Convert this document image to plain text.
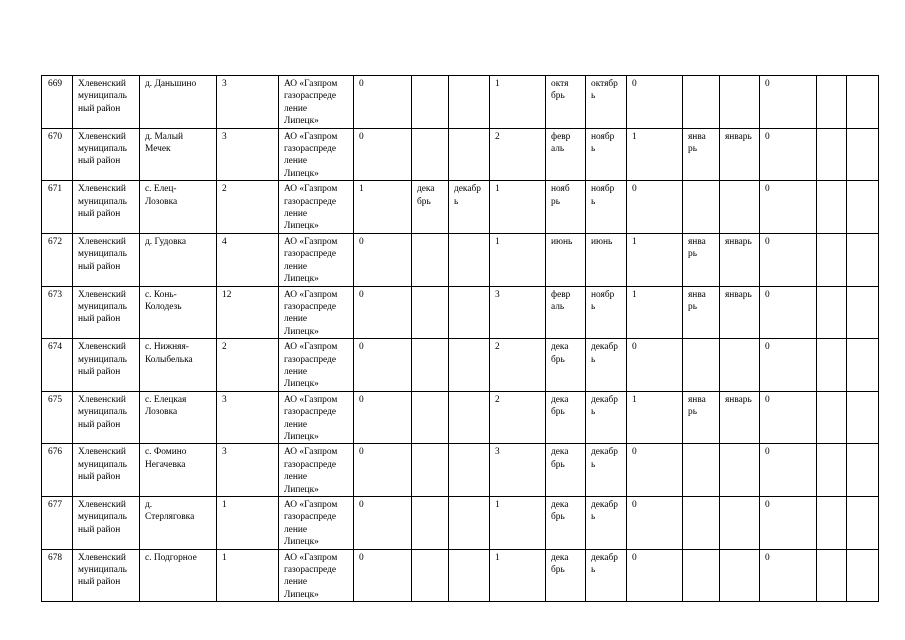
669	Хлевенский
муниципаль
ный район	д. Даньшино	3	АО «Газпром
газораспреде
ление
Липецк»	0			1	октя
брь	октябр
ь	0			0		
670	Хлевенский
муниципаль
ный район	д. Малый
Мечек	3	АО «Газпром
газораспреде
ление
Липецк»	0			2	февр
аль	ноябр
ь	1	янва
рь	январь	0		
671	Хлевенский
муниципаль
ный район	с. Елец-
Лозовка	2	АО «Газпром
газораспреде
ление
Липецк»	1	дека
брь	декабр
ь	1	нояб
рь	ноябр
ь	0			0		
672	Хлевенский
муниципаль
ный район	д. Гудовка	4	АО «Газпром
газораспреде
ление
Липецк»	0			1	июнь	июнь	1	янва
рь	январь	0		
673	Хлевенский
муниципаль
ный район	с. Конь-
Колодезь	12	АО «Газпром
газораспреде
ление
Липецк»	0			3	февр
аль	ноябр
ь	1	янва
рь	январь	0		
674	Хлевенский
муниципаль
ный район	с. Нижняя-
Колыбелька	2	АО «Газпром
газораспреде
ление
Липецк»	0			2	дека
брь	декабр
ь	0			0		
675	Хлевенский
муниципаль
ный район	с. Елецкая
Лозовка	3	АО «Газпром
газораспреде
ление
Липецк»	0			2	дека
брь	декабр
ь	1	янва
рь	январь	0		
676	Хлевенский
муниципаль
ный район	с. Фомино
Негачевка	3	АО «Газпром
газораспреде
ление
Липецк»	0			3	дека
брь	декабр
ь	0			0		
677	Хлевенский
муниципаль
ный район	д.
Стерляговка	1	АО «Газпром
газораспреде
ление
Липецк»	0			1	дека
брь	декабр
ь	0			0		
678	Хлевенский
муниципаль
ный район	с. Подгорное	1	АО «Газпром
газораспреде
ление
Липецк»	0			1	дека
брь	декабр
ь	0			0		
